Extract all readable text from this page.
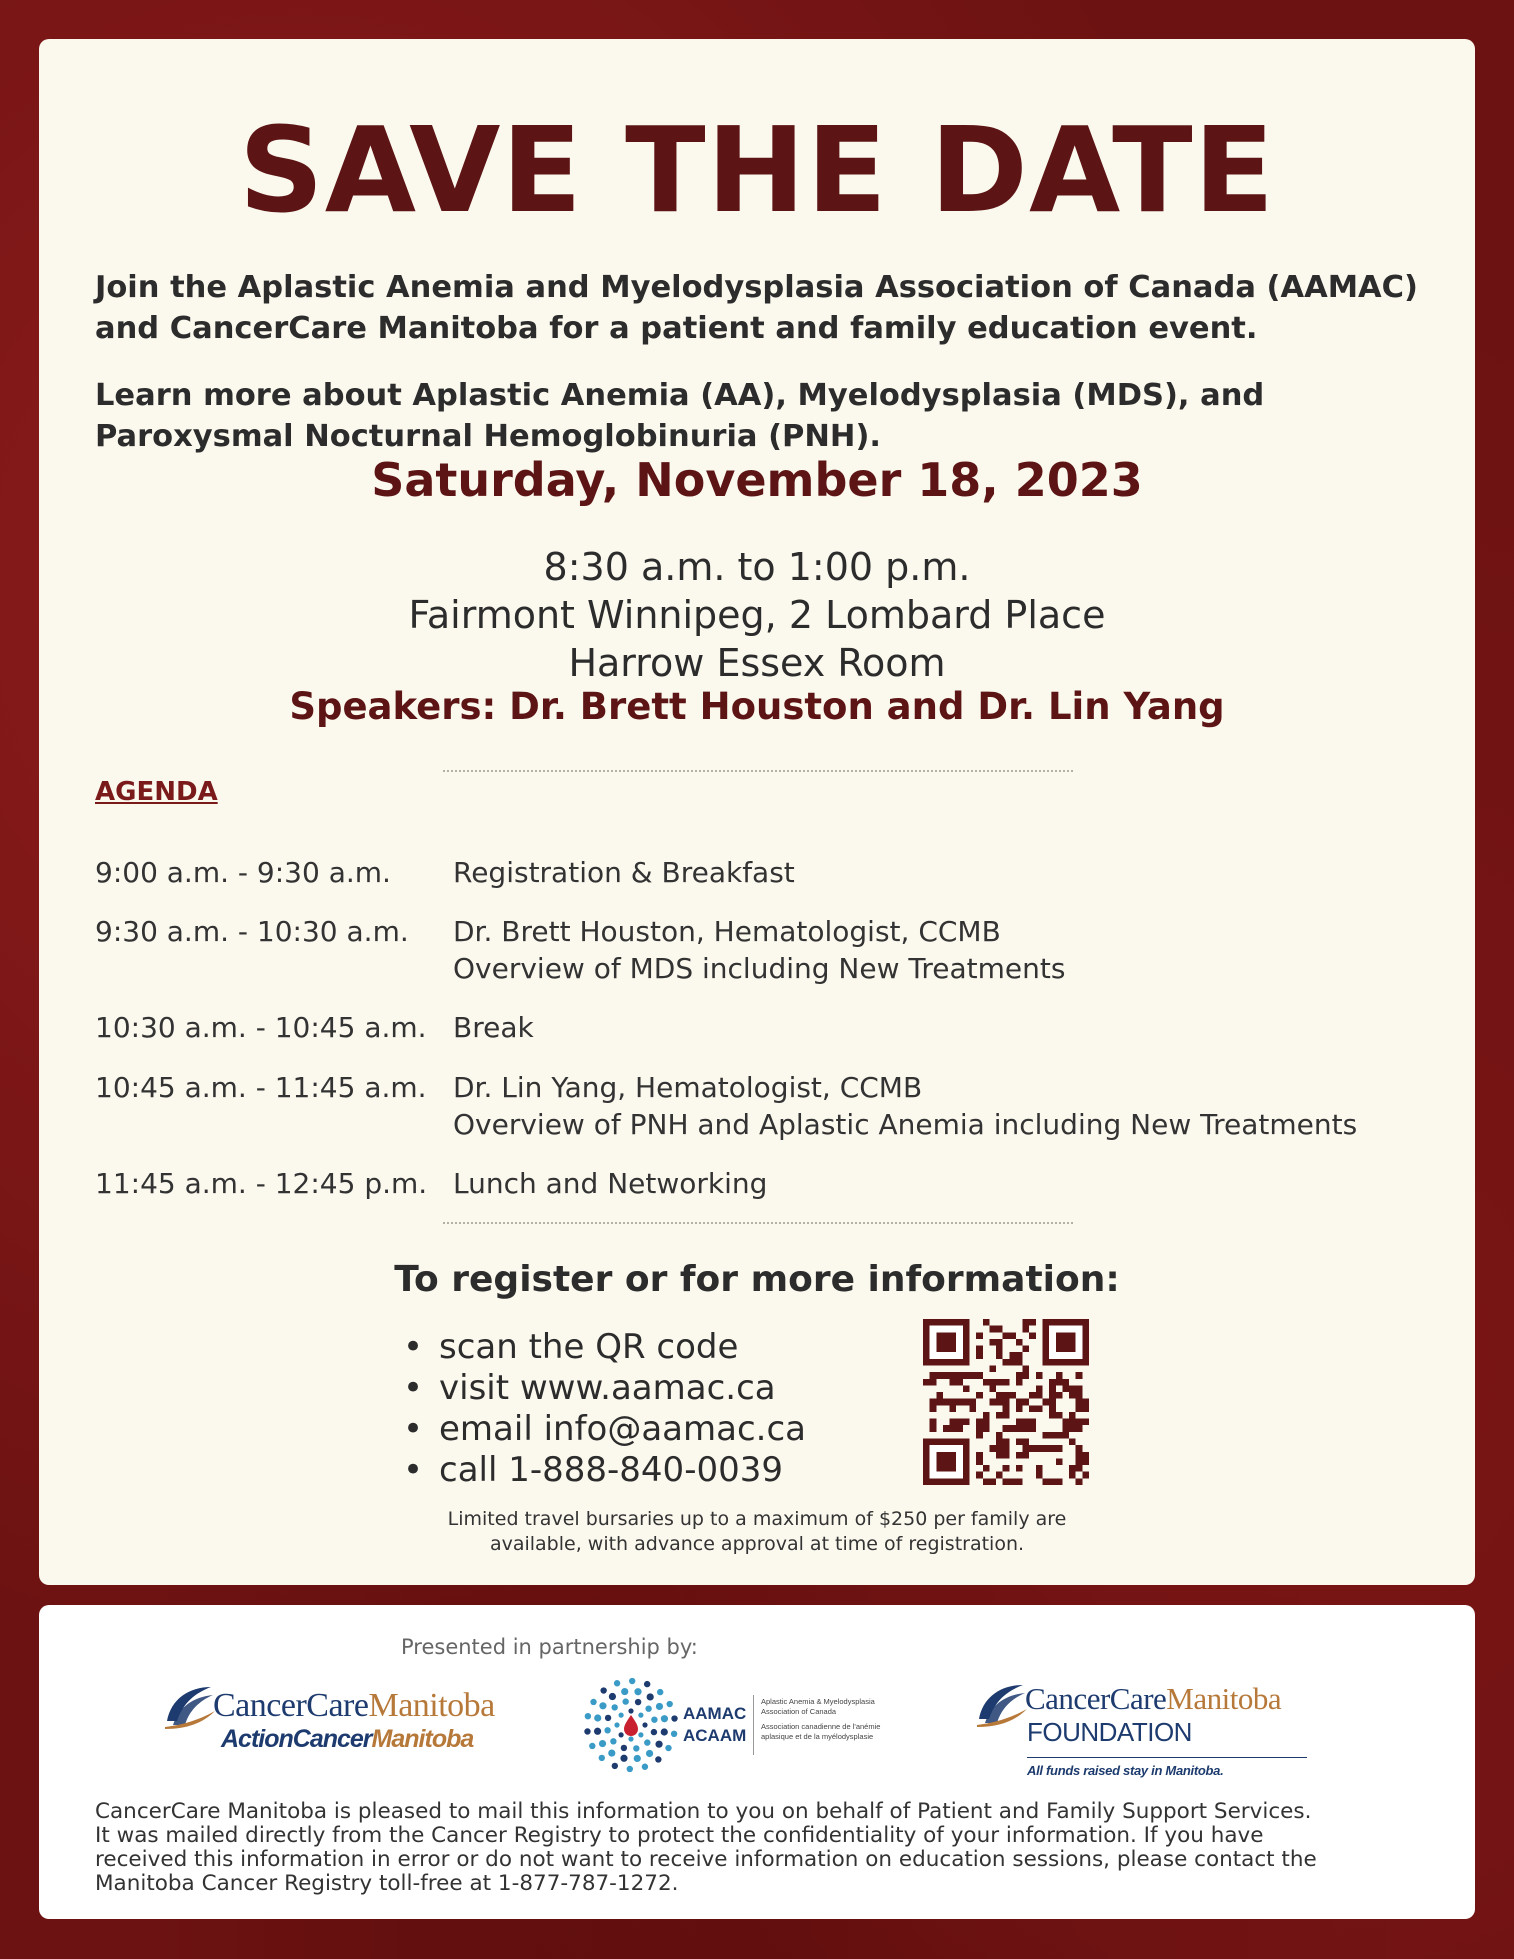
SAVE THE DATE
Join the Aplastic Anemia and Myelodysplasia Association of Canada (AAMAC)
and CancerCare Manitoba for a patient and family education event.
Learn more about Aplastic Anemia (AA), Myelodysplasia (MDS), and
Paroxysmal Nocturnal Hemoglobinuria (PNH).
Saturday, November 18, 2023
8:30 a.m. to 1:00 p.m.
Fairmont Winnipeg, 2 Lombard Place
Harrow Essex Room
Speakers: Dr. Brett Houston and Dr. Lin Yang
AGENDA
9:00 a.m. - 9:30 a.m.	Registration & Breakfast
9:30 a.m. - 10:30 a.m.	Dr. Brett Houston, Hematologist, CCMB
Overview of MDS including New Treatments
10:30 a.m. - 10:45 a.m. Break
10:45 a.m. - 11:45 a.m. Dr. Lin Yang, Hematologist, CCMB
Overview of PNH and Aplastic Anemia including New Treatments
11:45 a.m. - 12:45 p.m. Lunch and Networking
To register or for more information:
• scan the QR code
• visit www.aamac.ca
• email info@aamac.ca
• call 1-888-840-0039
Limited travel bursaries up to a maximum of $250 per family are
available, with advance approval at time of registration.
Presented in partnership by:
CancerCareManitoba
ActionCancerManitoba
AAMAC
ACAAM
Aplastic Anemia & Myelodysplasia
Association of Canada
Association canadienne de l'anémie
aplasique et de la myélodysplasie
CancerCareManitoba
FOUNDATION
All funds raised stay in Manitoba.
CancerCare Manitoba is pleased to mail this information to you on behalf of Patient and Family Support Services.
It was mailed directly from the Cancer Registry to protect the confidentiality of your information. If you have
received this information in error or do not want to receive information on education sessions, please contact the
Manitoba Cancer Registry toll-free at 1-877-787-1272.
